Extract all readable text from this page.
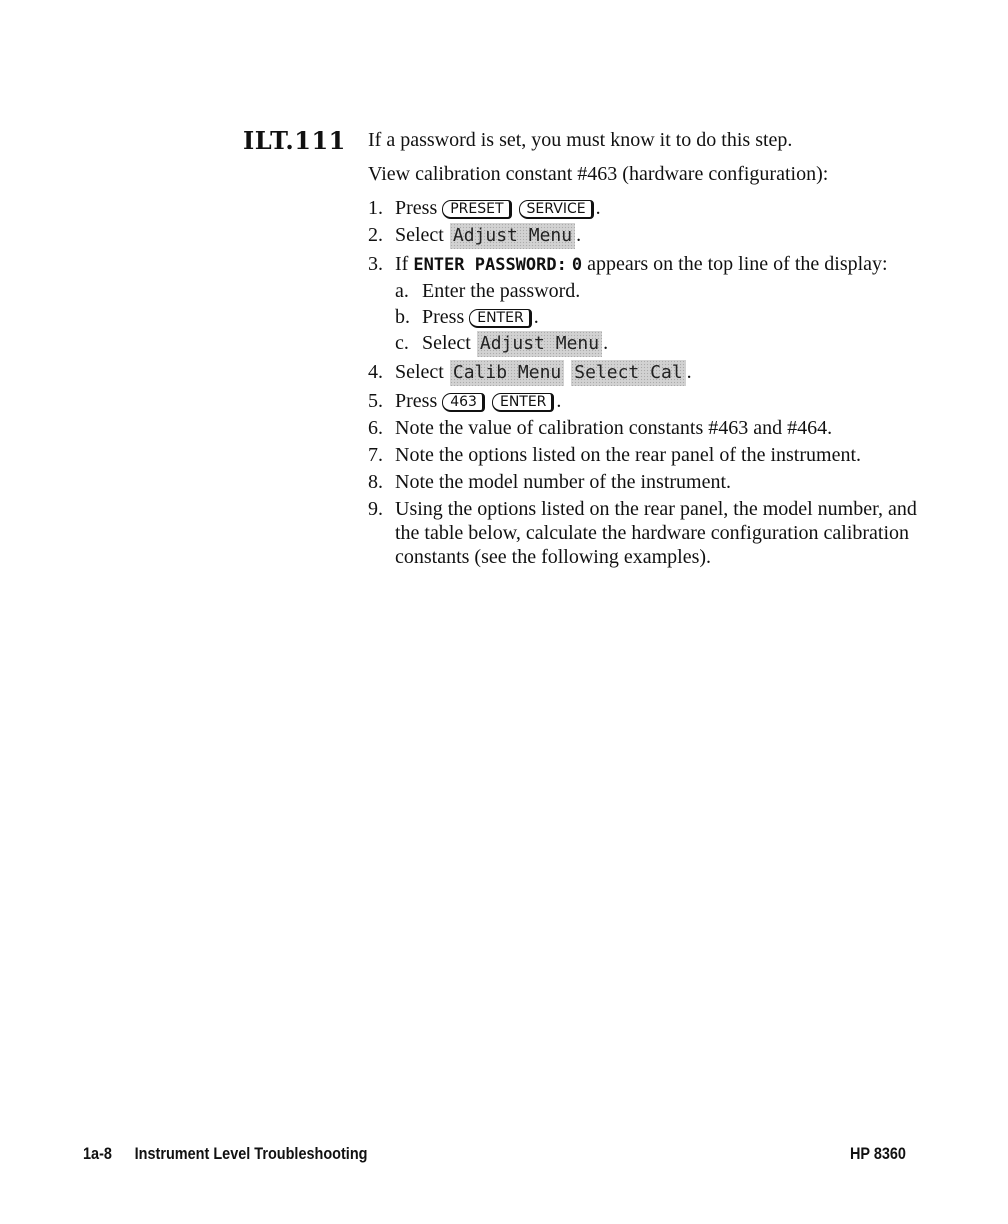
ILT.111 If a password is set, you must know it to do this step.

View calibration constant #463 (hardware configuration):

1. Press PRESET SERVICE .
2. Select Adjust Menu .
3. If ENTER PASSWORD: 0 appears on the top line of the display:
a. Enter the password.
b. Press ENTER .
c. Select Adjust Menu .
4. Select Calib Menu Select Cal .
5. Press 463 ENTER .
6. Note the value of calibration constants #463 and #464.
7. Note the options listed on the rear panel of the instrument.
8. Note the model number of the instrument.
9. Using the options listed on the rear panel, the model number, and the table below, calculate the hardware configuration calibration constants (see the following examples).
1a-8 Instrument Level Troubleshooting	HP 8360
